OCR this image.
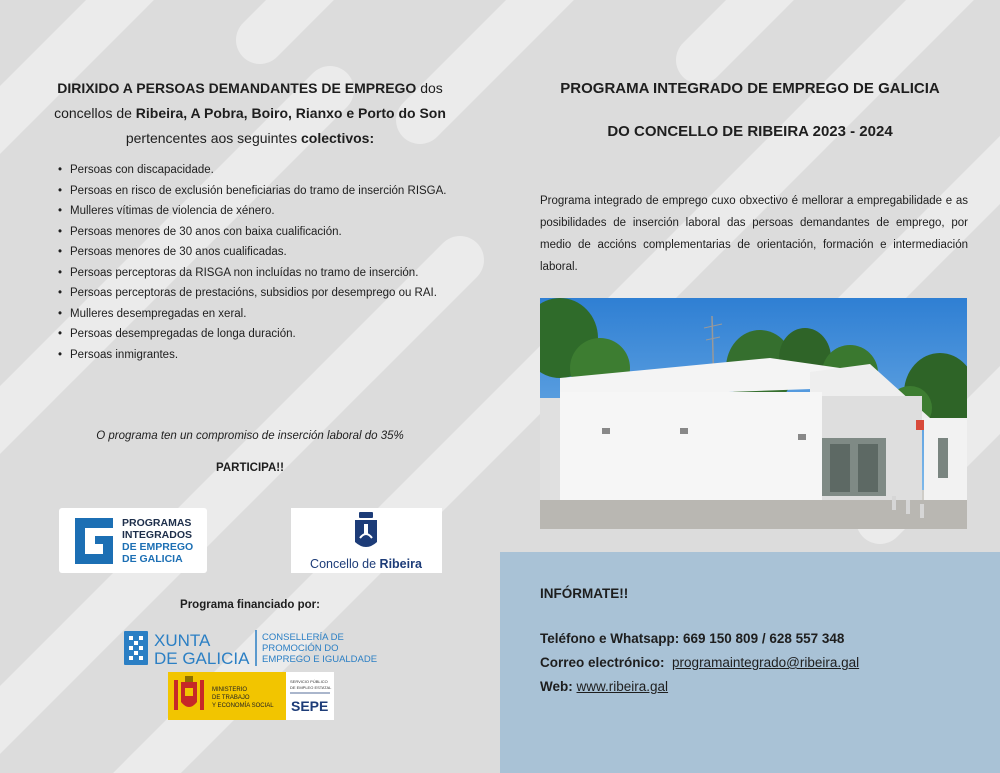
DIRIXIDO A PERSOAS DEMANDANTES DE EMPREGO dos
concellos de Ribeira, A Pobra, Boiro, Rianxo e Porto do Son
pertencentes aos seguintes colectivos:
• Persoas con discapacidade.
• Persoas en risco de exclusión beneficiarias do tramo de inserción RISGA.
• Mulleres vítimas de violencia de xénero.
• Persoas menores de 30 anos con baixa cualificación.
• Persoas menores de 30 anos cualificadas.
• Persoas perceptoras da RISGA non incluídas no tramo de inserción.
• Persoas perceptoras de prestacións, subsidios por desemprego ou RAI.
• Mulleres desempregadas en xeral.
• Persoas desempregadas de longa duración.
• Persoas inmigrantes.
O programa ten un compromiso de inserción laboral do 35%
PARTICIPA!!
PROGRAMAS
INTEGRADOS
DE EMPREGO
DE GALICIA	Concello de Ribeira
Programa financiado por:
XUNTA
DE GALICIA
CONSELLERÍA DE
PROMOCIÓN DO
EMPREGO E IGUALDADE
MINISTERIO
DE TRABAJO
Y ECONOMÍA SOCIAL
SERVICIO PÚBLICO
DE EMPLEO ESTATAL
SEPE
PROGRAMA INTEGRADO DE EMPREGO DE GALICIA
DO CONCELLO DE RIBEIRA 2023 - 2024
Programa integrado de emprego cuxo obxectivo é mellorar a empregabilidade e as posibilidades de inserción laboral das persoas demandantes de emprego, por medio de accións complementarias de orientación, formación e intermediación laboral.
INFÓRMATE!!
Teléfono e Whatsapp: 669 150 809 / 628 557 348
Correo electrónico: programaintegrado@ribeira.gal
Web: www.ribeira.gal
